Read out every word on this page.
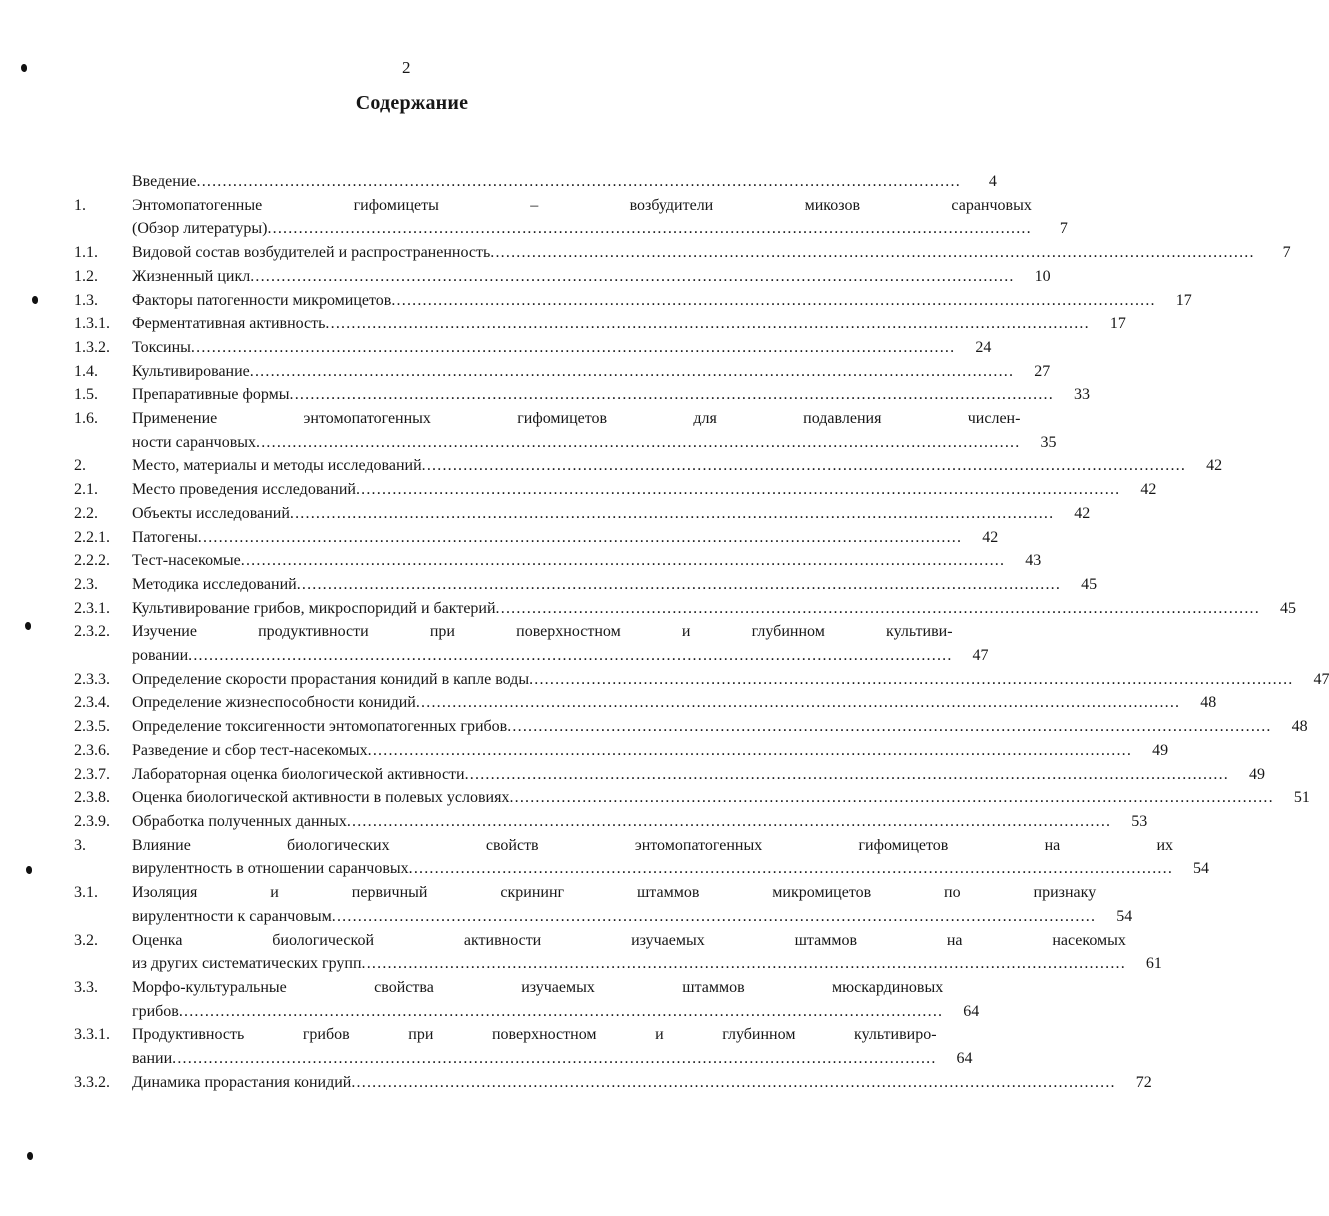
2
Содержание
Введение .....	4
1.	Энтомопатогенные гифомицеты – возбудители микозов саранчовых
(Обзор литературы) .....	7
1.1.	Видовой состав возбудителей и распространенность .....	7
1.2.	Жизненный цикл .....	10
1.3.	Факторы патогенности микромицетов .....	17
1.3.1.	Ферментативная активность .....	17
1.3.2.	Токсины .....	24
1.4.	Культивирование .....	27
1.5.	Препаративные формы .....	33
1.6.	Применение энтомопатогенных гифомицетов для подавления числен-
ности саранчовых .....	35
2.	Место, материалы и методы исследований .....	42
2.1.	Место проведения исследований .....	42
2.2.	Объекты исследований .....	42
2.2.1.	Патогены .....	42
2.2.2.	Тест-насекомые .....	43
2.3.	Методика исследований .....	45
2.3.1.	Культивирование грибов, микроспоридий и бактерий .....	45
2.3.2.	Изучение продуктивности при поверхностном и глубинном культиви-
ровании .....	47
2.3.3.	Определение скорости прорастания конидий в капле воды .....	47
2.3.4.	Определение жизнеспособности конидий .....	48
2.3.5.	Определение токсигенности энтомопатогенных грибов .....	48
2.3.6.	Разведение и сбор тест-насекомых .....	49
2.3.7.	Лабораторная оценка биологической активности .....	49
2.3.8.	Оценка биологической активности в полевых условиях .....	51
2.3.9.	Обработка полученных данных .....	53
3.	Влияние биологических свойств энтомопатогенных гифомицетов на их
вирулентность в отношении саранчовых .....	54
3.1.	Изоляция и первичный скрининг штаммов микромицетов по признаку
вирулентности к саранчовым .....	54
3.2.	Оценка биологической активности изучаемых штаммов на насекомых
из других систематических групп .....	61
3.3.	Морфо-культуральные свойства изучаемых штаммов мюскардиновых
грибов .....	64
3.3.1.	Продуктивность грибов при поверхностном и глубинном культивиро-
вании .....	64
3.3.2.	Динамика прорастания конидий .....	72
